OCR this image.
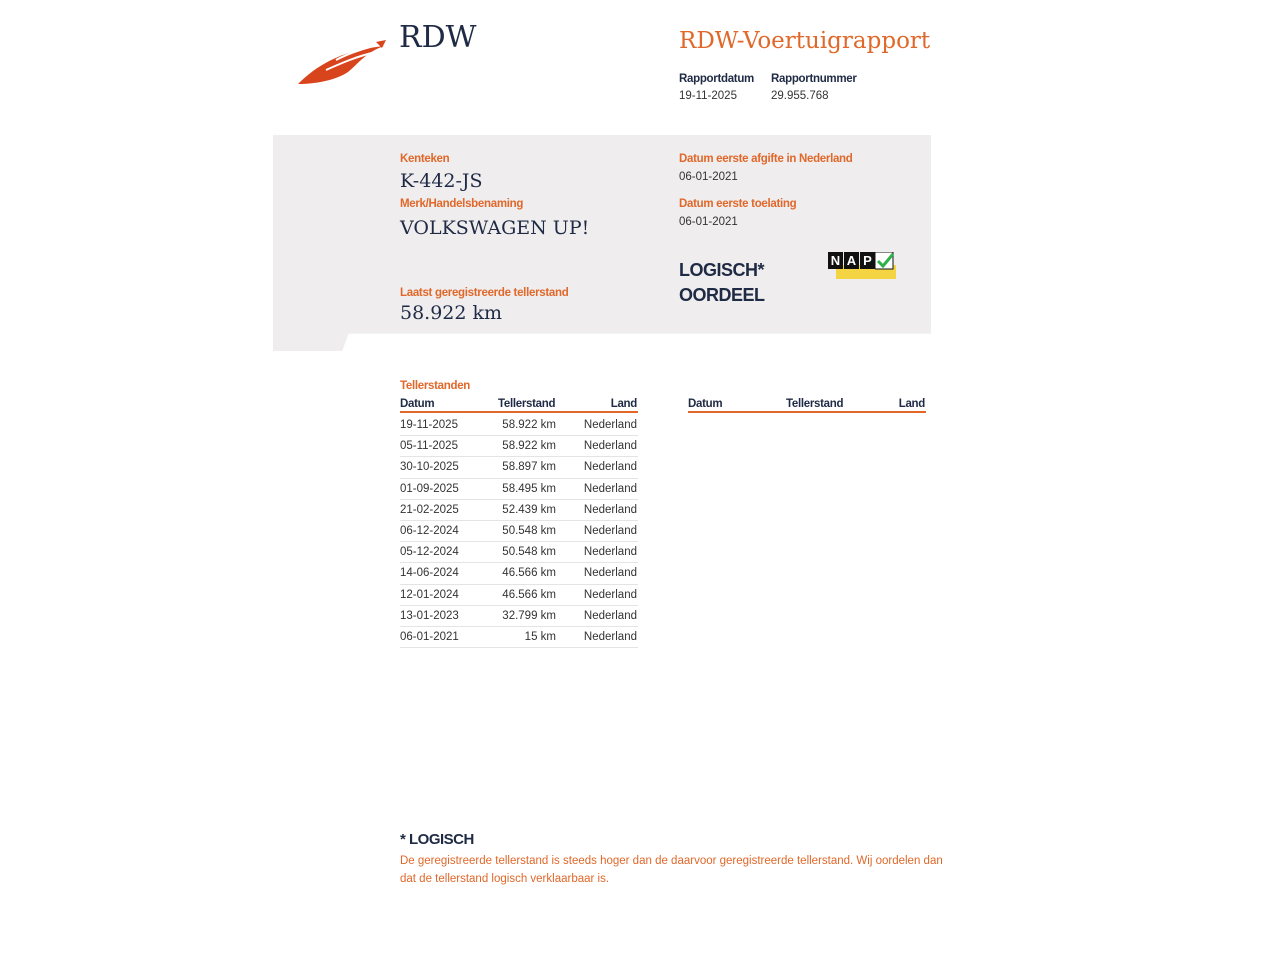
RDW	RDW-Voertuigrapport
Rapportdatum
19-11-2025
Rapportnummer
29.955.768
Kenteken
K-442-JS
Merk/Handelsbenaming
VOLKSWAGEN UP!
Datum eerste afgifte in Nederland
06-01-2021
Datum eerste toelating
06-01-2021
Laatst geregistreerde tellerstand
58.922 km
LOGISCH*
OORDEEL
N A P
Tellerstanden
Datum	Tellerstand	Land	Datum	Tellerstand	Land
19-11-2025	58.922 km Nederland
05-11-2025	58.922 km Nederland
30-10-2025	58.897 km Nederland
01-09-2025	58.495 km Nederland
21-02-2025	52.439 km Nederland
06-12-2024	50.548 km Nederland
05-12-2024	50.548 km Nederland
14-06-2024	46.566 km Nederland
12-01-2024	46.566 km Nederland
13-01-2023	32.799 km Nederland
06-01-2021	15 km Nederland
* LOGISCH
De geregistreerde tellerstand is steeds hoger dan de daarvoor geregistreerde tellerstand. Wij oordelen dan dat de tellerstand logisch verklaarbaar is.
